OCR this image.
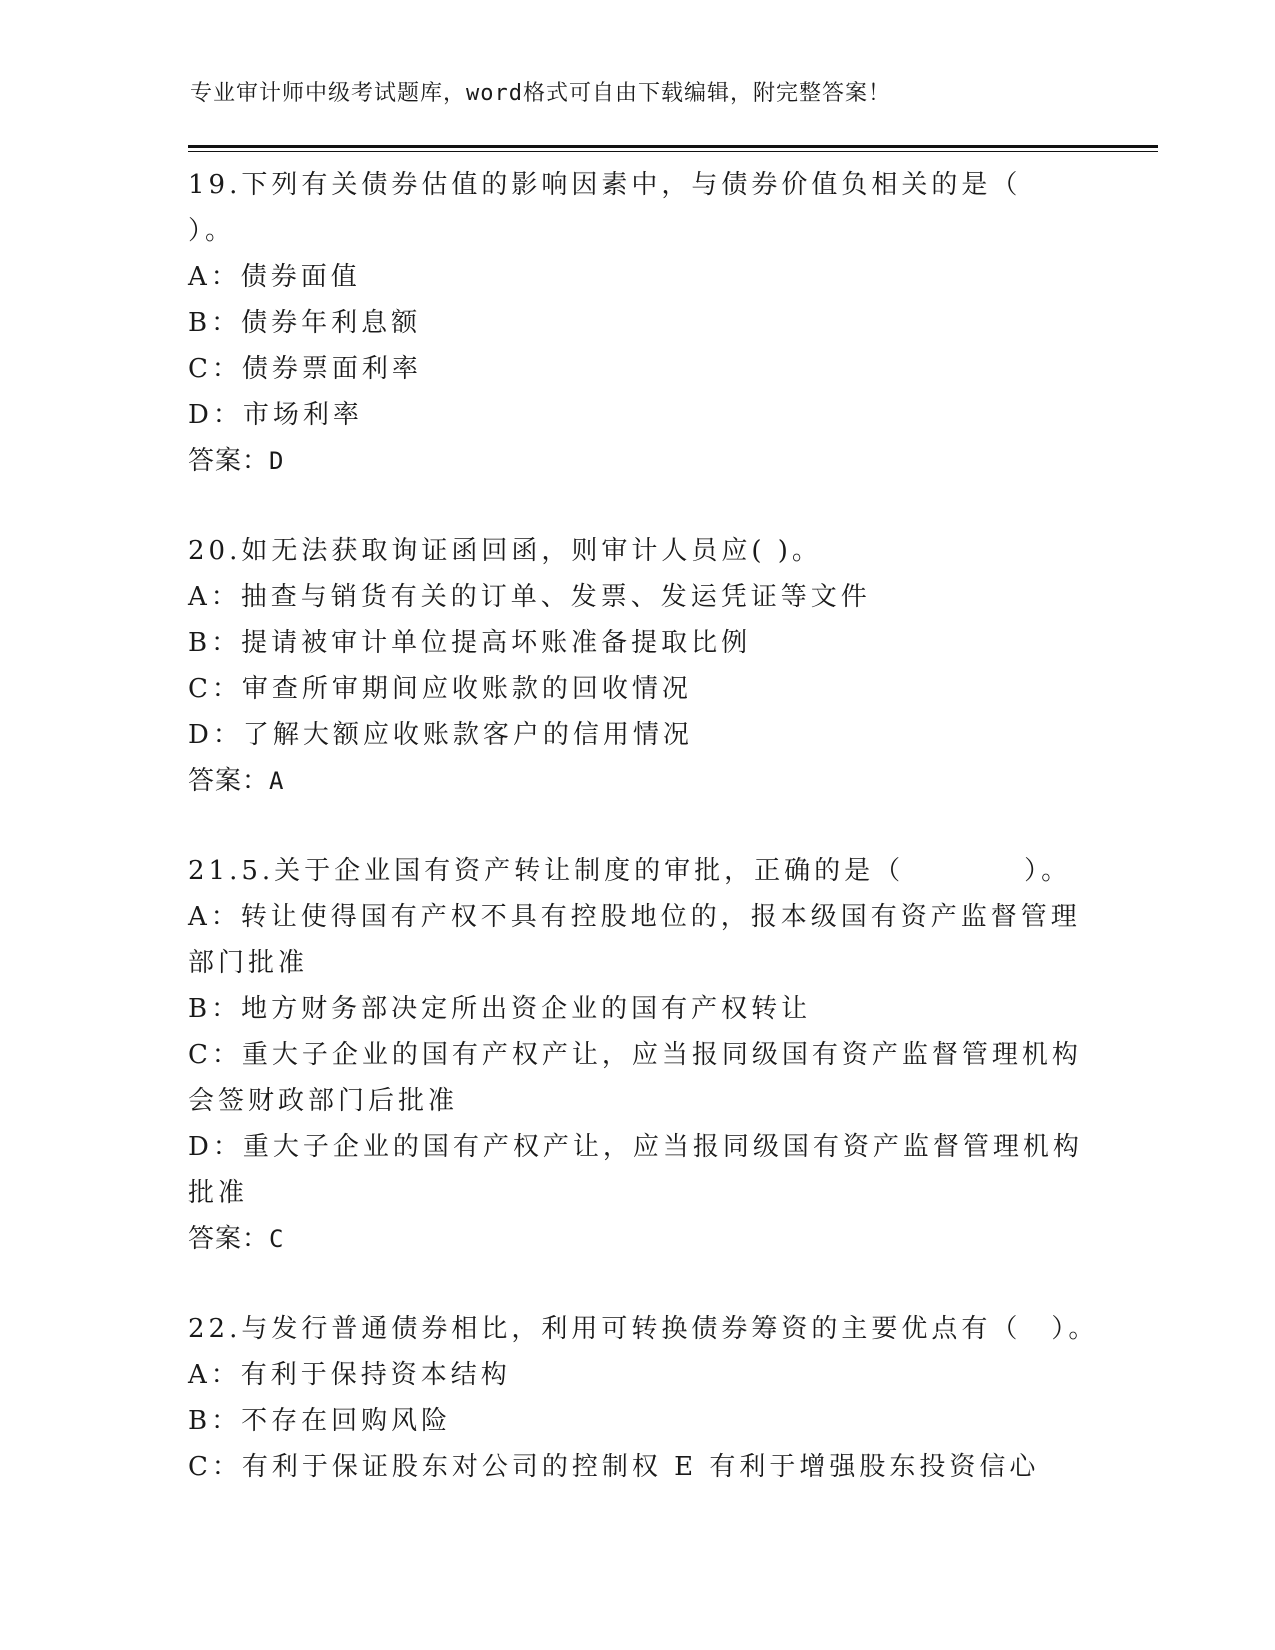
专业审计师中级考试题库，word格式可自由下载编辑，附完整答案！
19.下列有关债券估值的影响因素中，与债券价值负相关的是（
）。
A：债券面值
B：债券年利息额
C：债券票面利率
D：市场利率
答案：D
20.如无法获取询证函回函，则审计人员应( )。
A：抽查与销货有关的订单、发票、发运凭证等文件
B：提请被审计单位提高坏账准备提取比例
C：审查所审期间应收账款的回收情况
D：了解大额应收账款客户的信用情况
答案：A
21.5.关于企业国有资产转让制度的审批，正确的是（　　　　）。
A：转让使得国有产权不具有控股地位的，报本级国有资产监督管理部门批准
B：地方财务部决定所出资企业的国有产权转让
C：重大子企业的国有产权产让，应当报同级国有资产监督管理机构会签财政部门后批准
D：重大子企业的国有产权产让，应当报同级国有资产监督管理机构批准
答案：C
22.与发行普通债券相比，利用可转换债券筹资的主要优点有（　）。
A：有利于保持资本结构
B：不存在回购风险
C：有利于保证股东对公司的控制权 E 有利于增强股东投资信心
